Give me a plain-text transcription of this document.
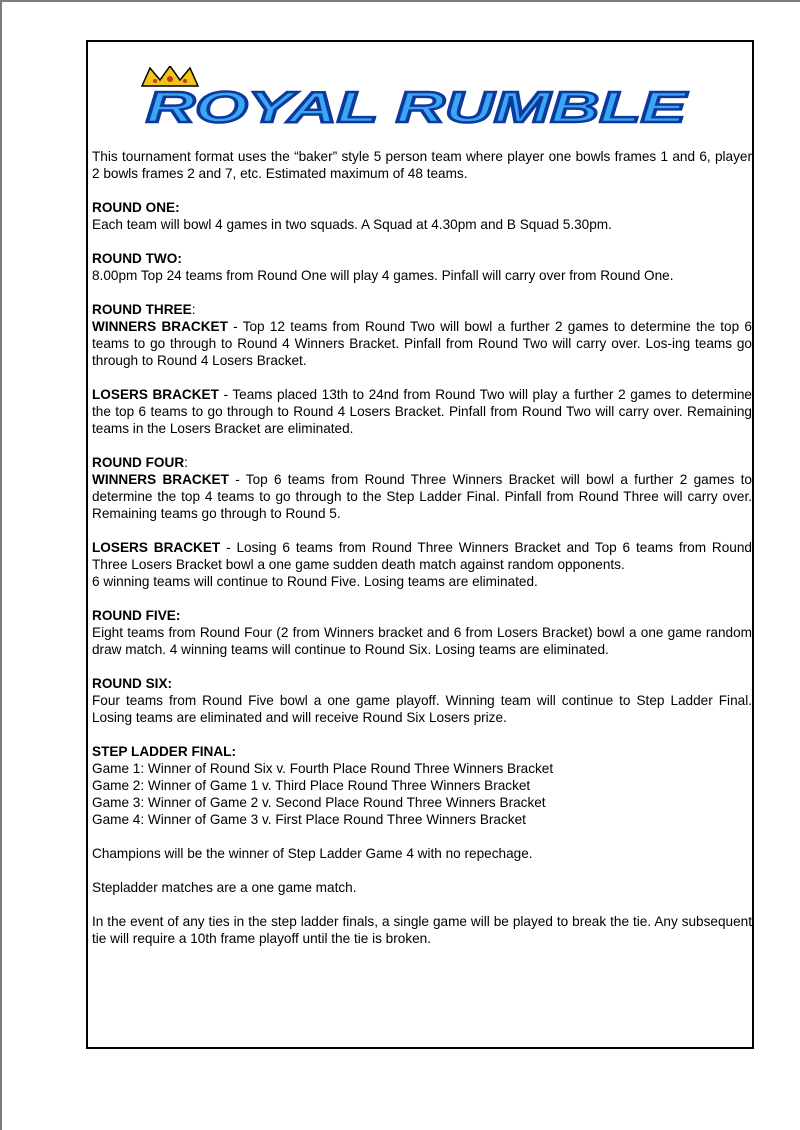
ROYAL RUMBLE

This tournament format uses the “baker” style 5 person team where player one bowls frames 1 and 6, player 2 bowls frames 2 and 7, etc. Estimated maximum of 48 teams.

ROUND ONE:

Each team will bowl 4 games in two squads. A Squad at 4.30pm and B Squad 5.30pm.

ROUND TWO:

8.00pm Top 24 teams from Round One will play 4 games. Pinfall will carry over from Round One.

ROUND THREE:

WINNERS BRACKET - Top 12 teams from Round Two will bowl a further 2 games to determine the top 6 teams to go through to Round 4 Winners Bracket. Pinfall from Round Two will carry over. Los-ing teams go through to Round 4 Losers Bracket.

LOSERS BRACKET - Teams placed 13th to 24nd from Round Two will play a further 2 games to determine the top 6 teams to go through to Round 4 Losers Bracket. Pinfall from Round Two will carry over. Remaining teams in the Losers Bracket are eliminated.

ROUND FOUR:

WINNERS BRACKET - Top 6 teams from Round Three Winners Bracket will bowl a further 2 games to determine the top 4 teams to go through to the Step Ladder Final. Pinfall from Round Three will carry over. Remaining teams go through to Round 5.

LOSERS BRACKET - Losing 6 teams from Round Three Winners Bracket and Top 6 teams from Round Three Losers Bracket bowl a one game sudden death match against random opponents.

6 winning teams will continue to Round Five. Losing teams are eliminated.

ROUND FIVE:

Eight teams from Round Four (2 from Winners bracket and 6 from Losers Bracket) bowl a one game random draw match. 4 winning teams will continue to Round Six. Losing teams are eliminated.

ROUND SIX:

Four teams from Round Five bowl a one game playoff. Winning team will continue to Step Ladder Final. Losing teams are eliminated and will receive Round Six Losers prize.

STEP LADDER FINAL:

Game 1: Winner of Round Six v. Fourth Place Round Three Winners Bracket

Game 2: Winner of Game 1 v. Third Place Round Three Winners Bracket

Game 3: Winner of Game 2 v. Second Place Round Three Winners Bracket

Game 4: Winner of Game 3 v. First Place Round Three Winners Bracket

Champions will be the winner of Step Ladder Game 4 with no repechage.

Stepladder matches are a one game match.

In the event of any ties in the step ladder finals, a single game will be played to break the tie. Any subsequent tie will require a 10th frame playoff until the tie is broken.
